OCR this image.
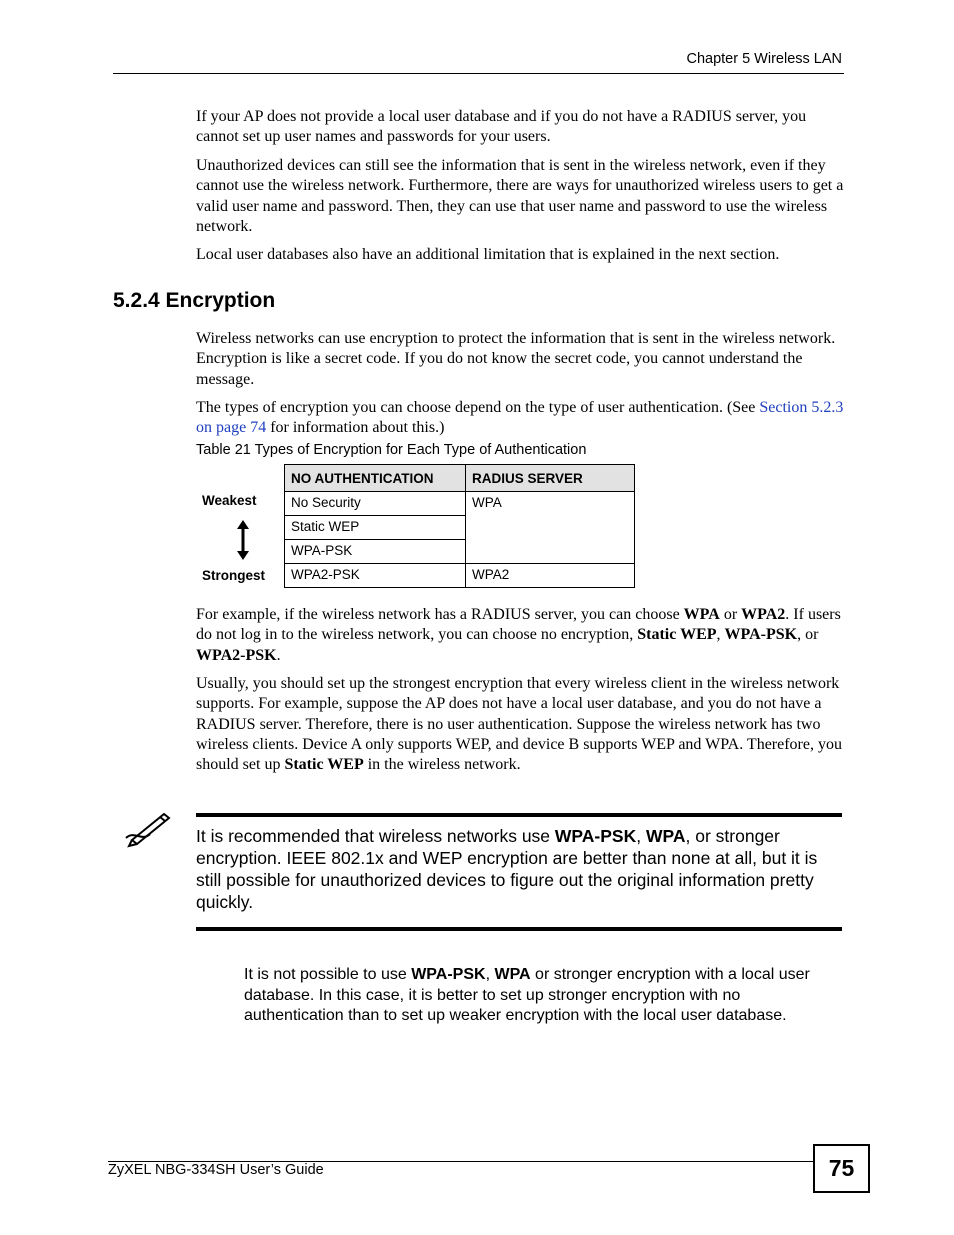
Chapter 5 Wireless LAN

If your AP does not provide a local user database and if you do not have a RADIUS server, you cannot set up user names and passwords for your users.

Unauthorized devices can still see the information that is sent in the wireless network, even if they cannot use the wireless network. Furthermore, there are ways for unauthorized wireless users to get a valid user name and password. Then, they can use that user name and password to use the wireless network.

Local user databases also have an additional limitation that is explained in the next section.

5.2.4 Encryption

Wireless networks can use encryption to protect the information that is sent in the wireless network. Encryption is like a secret code. If you do not know the secret code, you cannot understand the message.

The types of encryption you can choose depend on the type of user authentication. (See Section 5.2.3 on page 74 for information about this.)

Table 21 Types of Encryption for Each Type of Authentication
Weakest
Strongest
NO AUTHENTICATION	RADIUS SERVER
No Security	WPA
Static WEP	
WPA-PSK	
WPA2-PSK	WPA2

For example, if the wireless network has a RADIUS server, you can choose WPA or WPA2. If users do not log in to the wireless network, you can choose no encryption, Static WEP, WPA-PSK, or WPA2-PSK.

Usually, you should set up the strongest encryption that every wireless client in the wireless network supports. For example, suppose the AP does not have a local user database, and you do not have a RADIUS server. Therefore, there is no user authentication. Suppose the wireless network has two wireless clients. Device A only supports WEP, and device B supports WEP and WPA. Therefore, you should set up Static WEP in the wireless network.

It is recommended that wireless networks use WPA-PSK, WPA, or stronger encryption. IEEE 802.1x and WEP encryption are better than none at all, but it is still possible for unauthorized devices to figure out the original information pretty quickly.

It is not possible to use WPA-PSK, WPA or stronger encryption with a local user database. In this case, it is better to set up stronger encryption with no authentication than to set up weaker encryption with the local user database.

ZyXEL NBG-334SH User’s Guide	75
